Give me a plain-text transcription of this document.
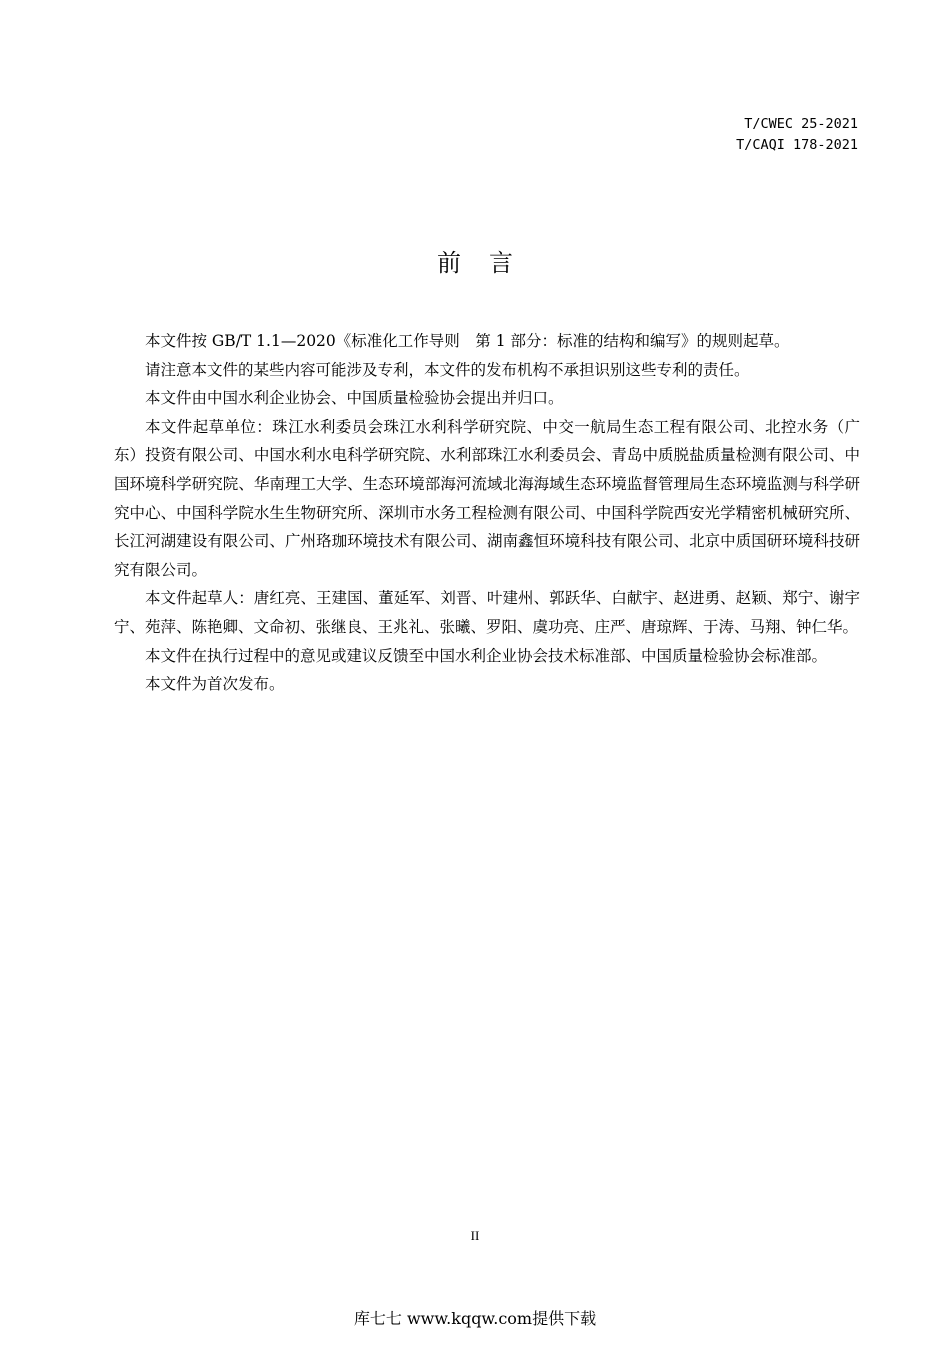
T/CWEC 25-2021
T/CAQI 178-2021
前言

本文件按 GB/T 1.1—2020《标准化工作导则　第 1 部分：标准的结构和编写》的规则起草。

请注意本文件的某些内容可能涉及专利，本文件的发布机构不承担识别这些专利的责任。

本文件由中国水利企业协会、中国质量检验协会提出并归口。

本文件起草单位：珠江水利委员会珠江水利科学研究院、中交一航局生态工程有限公司、北控水务（广东）投资有限公司、中国水利水电科学研究院、水利部珠江水利委员会、青岛中质脱盐质量检测有限公司、中国环境科学研究院、华南理工大学、生态环境部海河流域北海海域生态环境监督管理局生态环境监测与科学研究中心、中国科学院水生生物研究所、深圳市水务工程检测有限公司、中国科学院西安光学精密机械研究所、长江河湖建设有限公司、广州珞珈环境技术有限公司、湖南鑫恒环境科技有限公司、北京中质国研环境科技研究有限公司。

本文件起草人：唐红亮、王建国、董延军、刘晋、叶建州、郭跃华、白献宇、赵进勇、赵颖、郑宁、谢宇宁、苑萍、陈艳卿、文命初、张继良、王兆礼、张曦、罗阳、虞功亮、庄严、唐琼辉、于涛、马翔、钟仁华。

本文件在执行过程中的意见或建议反馈至中国水利企业协会技术标准部、中国质量检验协会标准部。

本文件为首次发布。

II
库七七 www.kqqw.com提供下载
